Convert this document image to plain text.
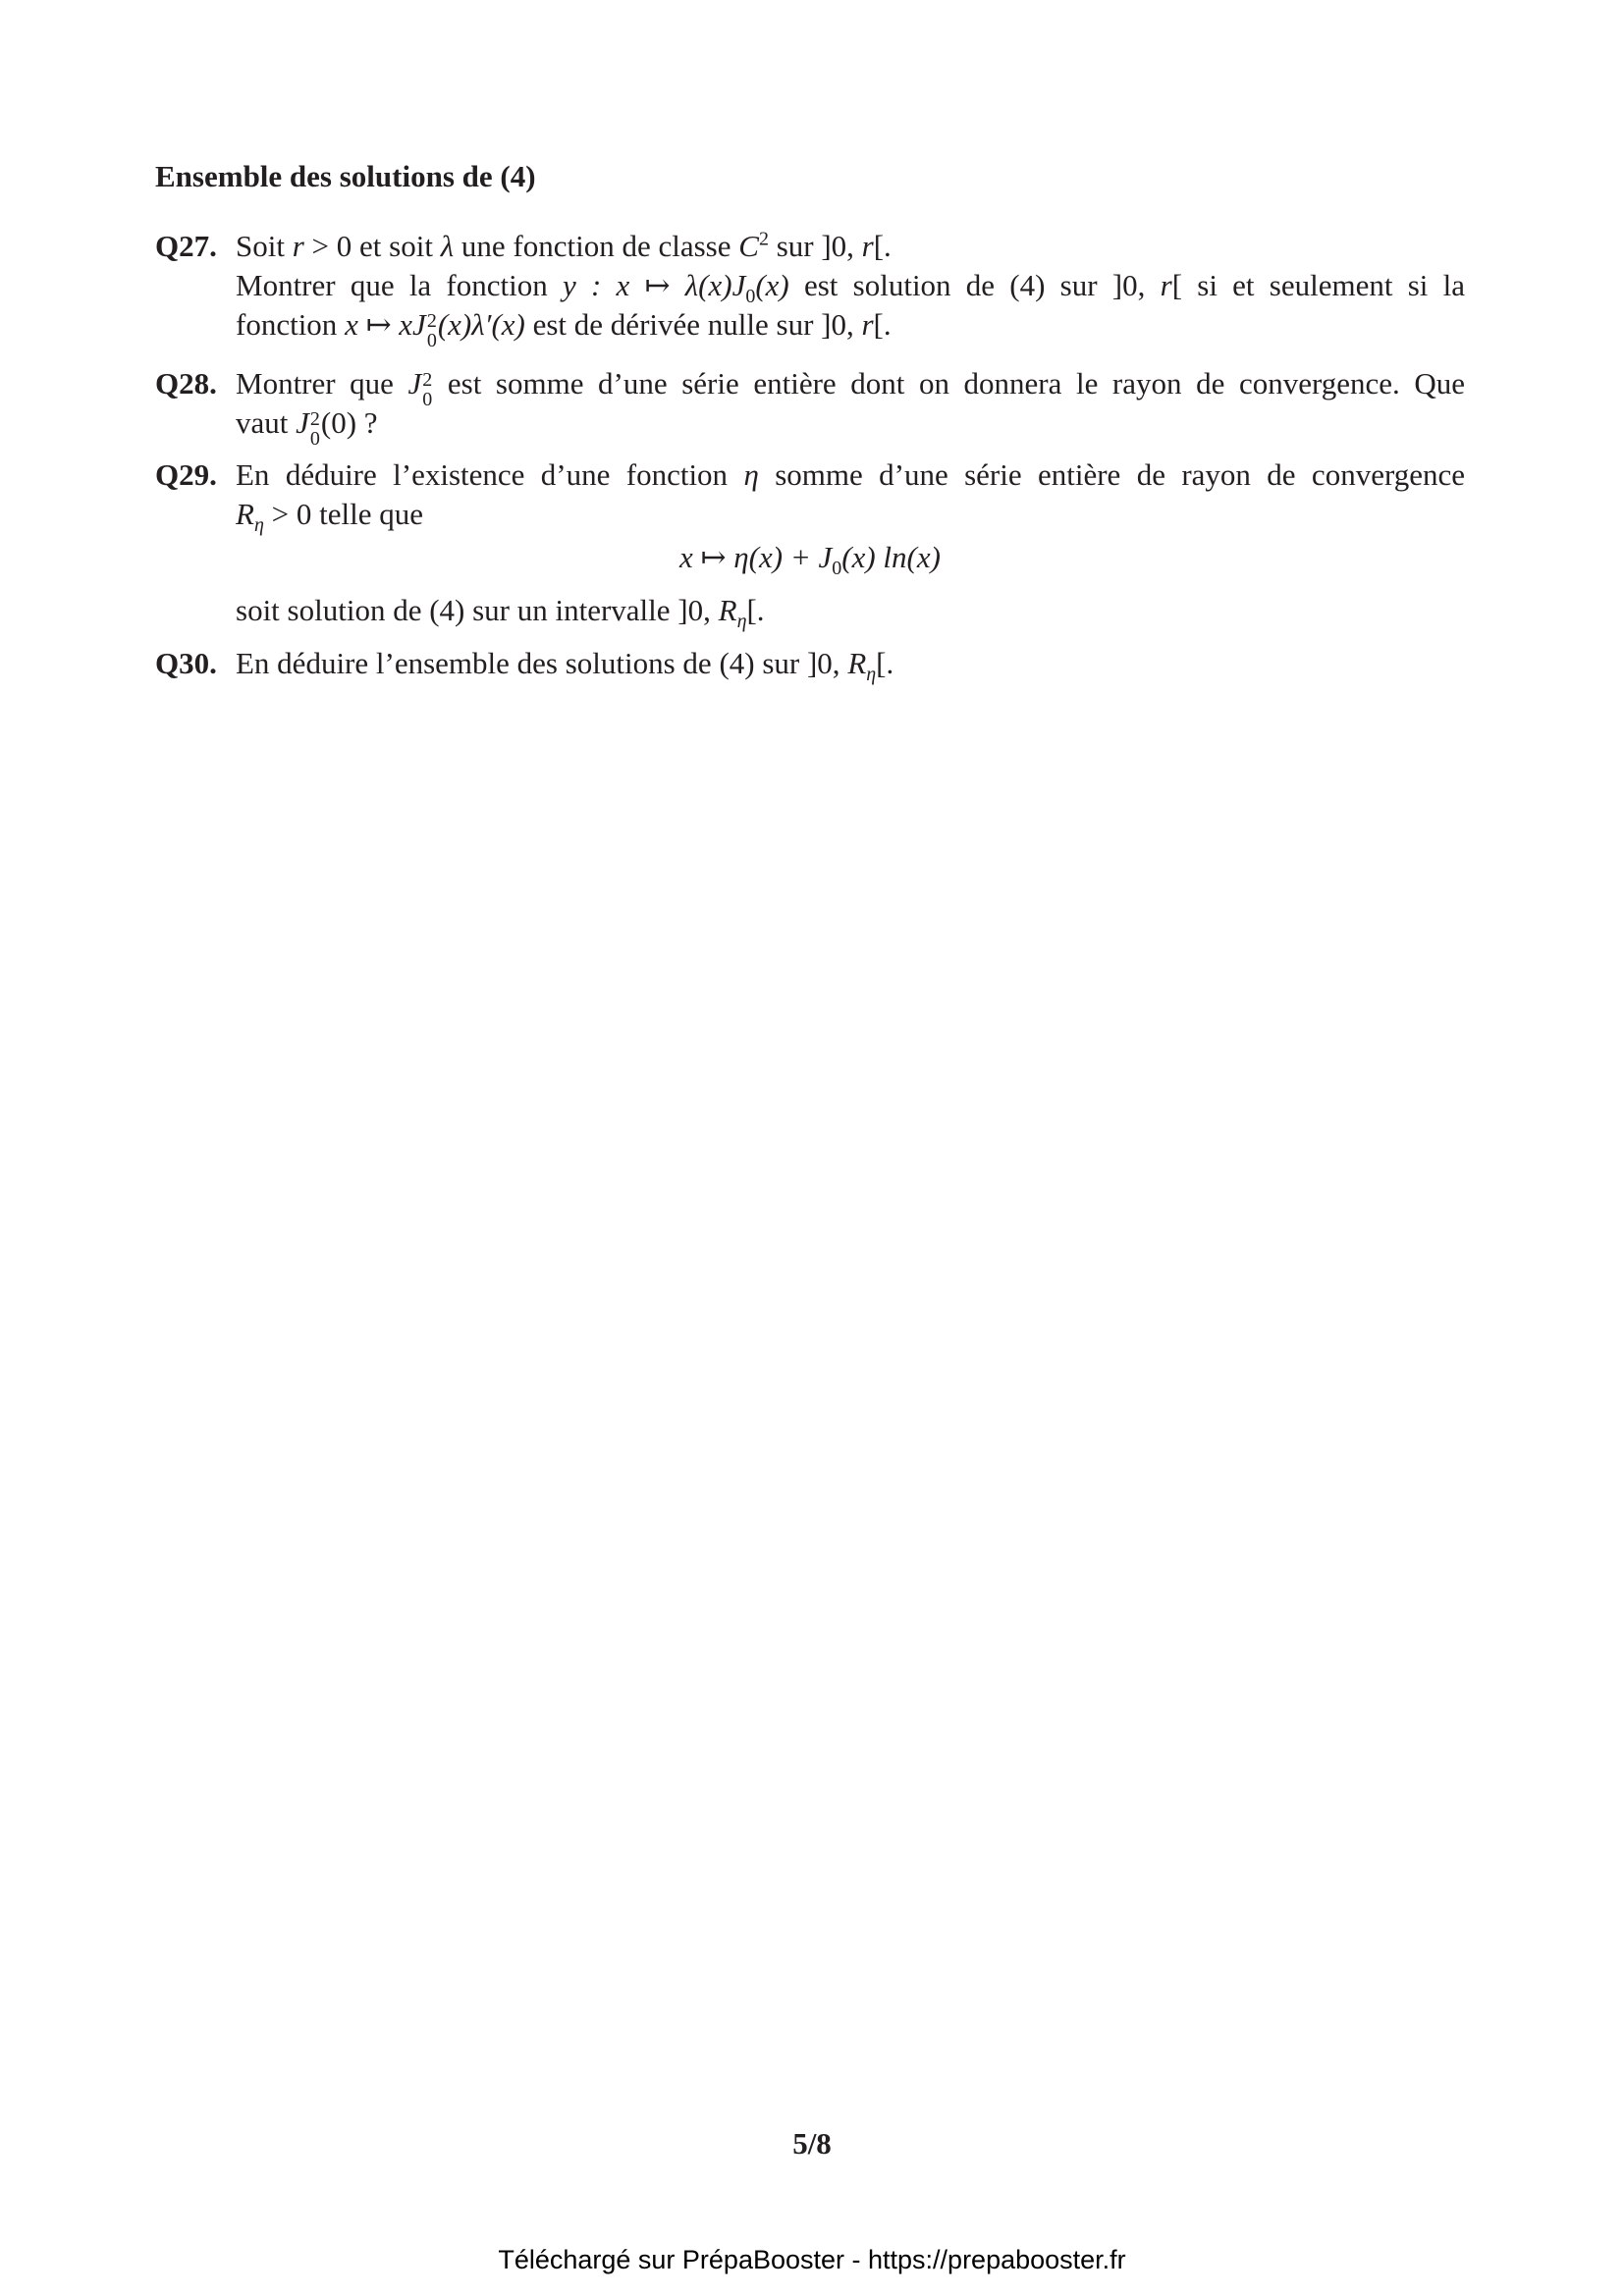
Ensemble des solutions de (4)
Q27. Soit r > 0 et soit λ une fonction de classe $C^2$ sur ]0, r[.
Montrer que la fonction y : x ↦ $\lambda(x)J_0(x)$ est solution de (4) sur ]0, r[ si et seulement si la
fonction x ↦ xJ 2
0 (x)λ′(x) est de dérivée nulle sur ]0, r[.
Q28. Montrer que J 2
0 est somme d’une série entière dont on donnera le rayon de convergence. Que
vaut J 2
0 (0) ?
Q29. En déduire l’existence d’une fonction η somme d’une série entière de rayon de convergence
$R_\eta > 0$ telle que
x ↦ $\eta(x) + J_0(x)$ ln(x)
soit solution de (4) sur un intervalle ]0, $R_\eta$[.
Q30. En déduire l’ensemble des solutions de (4) sur ]0, $R_\eta$[.
5/8
Téléchargé sur PrépaBooster - https://prepabooster.fr
